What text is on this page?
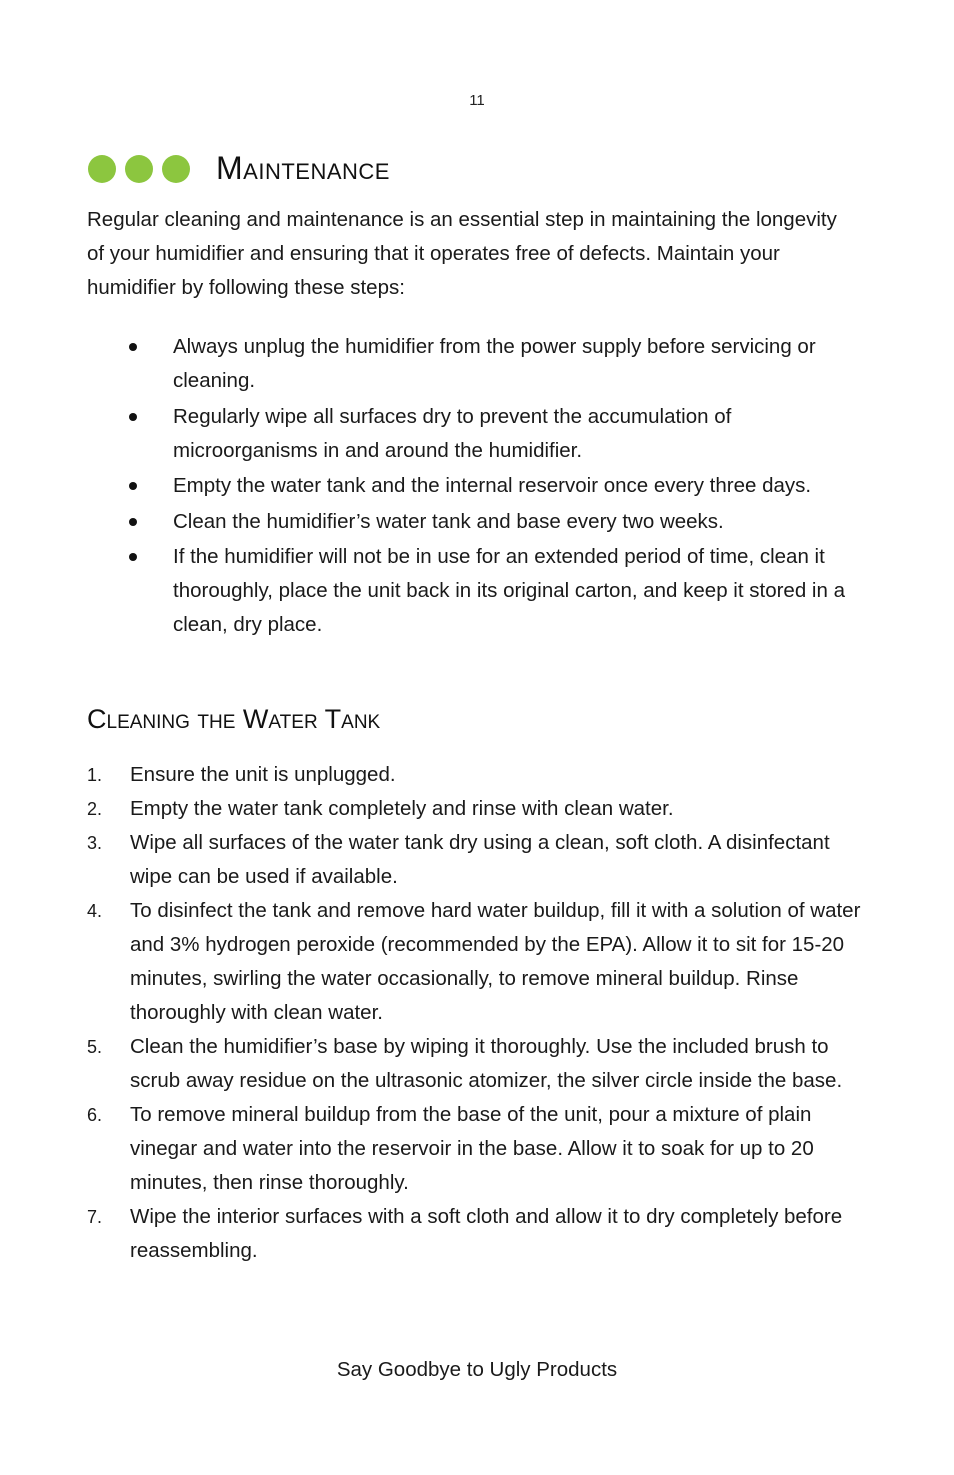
11
Maintenance

Regular cleaning and maintenance is an essential step in maintaining the longevity of your humidifier and ensuring that it operates free of defects. Maintain your humidifier by following these steps:

Always unplug the humidifier from the power supply before servicing or cleaning.
Regularly wipe all surfaces dry to prevent the accumulation of microorganisms in and around the humidifier.
Empty the water tank and the internal reservoir once every three days.
Clean the humidifier’s water tank and base every two weeks.
If the humidifier will not be in use for an extended period of time, clean it thoroughly, place the unit back in its original carton, and keep it stored in a clean, dry place.
Cleaning the Water Tank
1. Ensure the unit is unplugged.
2. Empty the water tank completely and rinse with clean water.
3. Wipe all surfaces of the water tank dry using a clean, soft cloth. A disinfectant wipe can be used if available.
4. To disinfect the tank and remove hard water buildup, fill it with a solution of water and 3% hydrogen peroxide (recommended by the EPA). Allow it to sit for 15-20 minutes, swirling the water occasionally, to remove mineral buildup. Rinse thoroughly with clean water.
5. Clean the humidifier’s base by wiping it thoroughly. Use the included brush to scrub away residue on the ultrasonic atomizer, the silver circle inside the base.
6. To remove mineral buildup from the base of the unit, pour a mixture of plain vinegar and water into the reservoir in the base. Allow it to soak for up to 20 minutes, then rinse thoroughly.
7. Wipe the interior surfaces with a soft cloth and allow it to dry completely before reassembling.
Say Goodbye to Ugly Products
